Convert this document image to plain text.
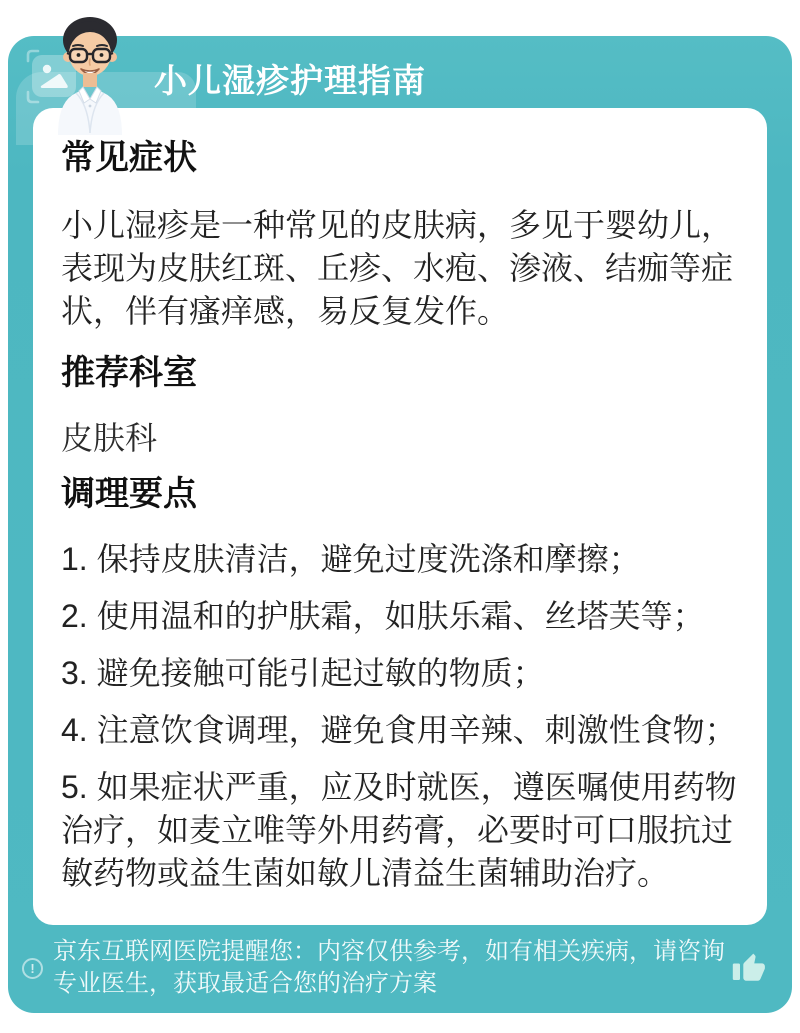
常见症状

小儿湿疹是一种常见的皮肤病，多见于婴幼儿，表现为皮肤红斑、丘疹、水疱、渗液、结痂等症状，伴有瘙痒感，易反复发作。

推荐科室

皮肤科

调理要点

1. 保持皮肤清洁，避免过度洗涤和摩擦；

2. 使用温和的护肤霜，如肤乐霜、丝塔芙等；

3. 避免接触可能引起过敏的物质；

4. 注意饮食调理，避免食用辛辣、刺激性食物；

5. 如果症状严重，应及时就医，遵医嘱使用药物治疗，如麦立唯等外用药膏，必要时可口服抗过敏药物或益生菌如敏儿清益生菌辅助治疗。

!

京东互联网医院提醒您：内容仅供参考，如有相关疾病，请咨询专业医生，获取最适合您的治疗方案

小儿湿疹护理指南
